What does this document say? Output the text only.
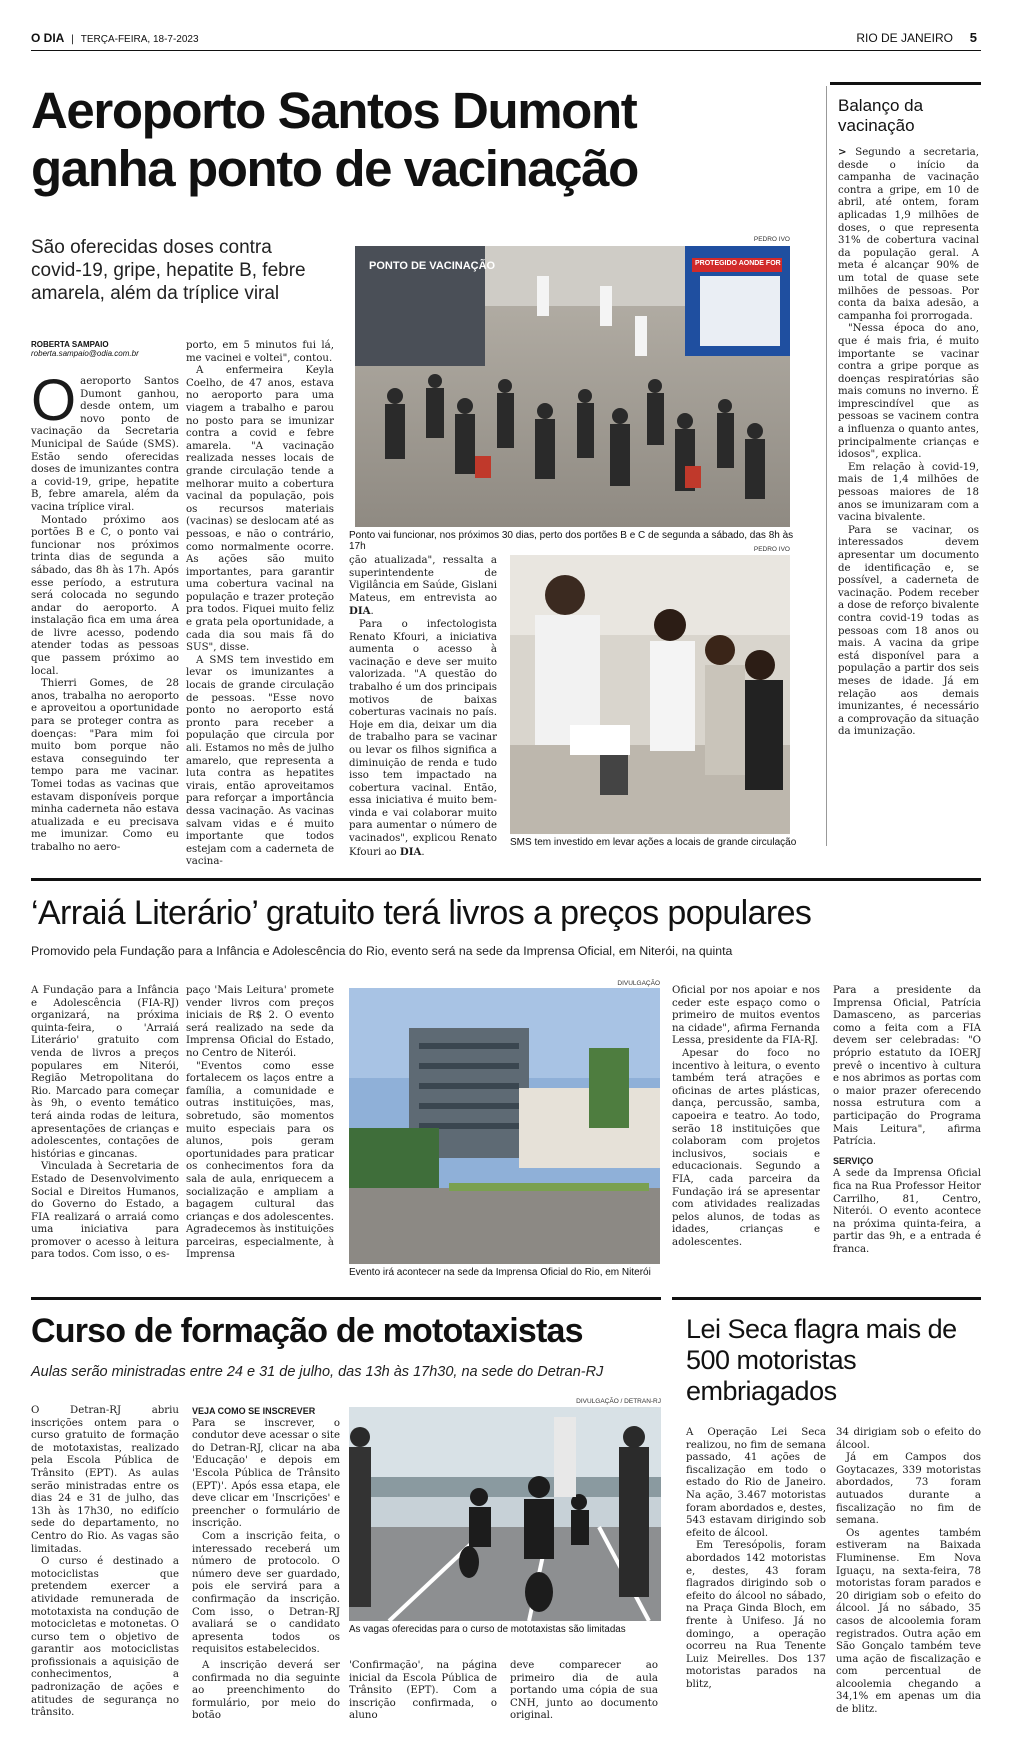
O DIA | TERÇA-FEIRA, 18-7-2023	RIO DE JANEIRO 5
Aeroporto Santos Dumont
ganha ponto de vacinação
São oferecidas doses contra
covid-19, gripe, hepatite B, febre
amarela, além da tríplice viral
ROBERTA SAMPAIO
roberta.sampaio@odia.com.br

Oaeroporto Santos Dumont ganhou, desde ontem, um novo ponto de vacinação da Secretaria Municipal de Saúde (SMS). Estão sendo oferecidas doses de imunizantes contra a covid-19, gripe, hepatite B, febre amarela, além da vacina tríplice viral.

Montado próximo aos portões B e C, o ponto vai funcionar nos próximos trinta dias de segunda a sábado, das 8h às 17h. Após esse período, a estrutura será colocada no segundo andar do aeroporto. A instalação fica em uma área de livre acesso, podendo atender todas as pessoas que passem próximo ao local.

Thierri Gomes, de 28 anos, trabalha no aeroporto e aproveitou a oportunidade para se proteger contra as doenças: "Para mim foi muito bom porque não estava conseguindo ter tempo para me vacinar. Tomei todas as vacinas que estavam disponíveis porque minha caderneta não estava atualizada e eu precisava me imunizar. Como eu trabalho no aero-

porto, em 5 minutos fui lá, me vacinei e voltei", contou.

A enfermeira Keyla Coelho, de 47 anos, estava no aeroporto para uma viagem a trabalho e parou no posto para se imunizar contra a covid e febre amarela. "A vacinação realizada nesses locais de grande circulação tende a melhorar muito a cobertura vacinal da população, pois os recursos materiais (vacinas) se deslocam até as pessoas, e não o contrário, como normalmente ocorre. As ações são muito importantes, para garantir uma cobertura vacinal na população e trazer proteção pra todos. Fiquei muito feliz e grata pela oportunidade, a cada dia sou mais fã do SUS", disse.

A SMS tem investido em levar os imunizantes a locais de grande circulação de pessoas. "Esse novo ponto no aeroporto está pronto para receber a população que circula por ali. Estamos no mês de julho amarelo, que representa a luta contra as hepatites virais, então aproveitamos para reforçar a importância dessa vacinação. As vacinas salvam vidas e é muito importante que todos estejam com a caderneta de vacina-

ção atualizada", ressalta a superintendente de Vigilância em Saúde, Gislani Mateus, em entrevista ao DIA.

Para o infectologista Renato Kfouri, a iniciativa aumenta o acesso à vacinação e deve ser muito valorizada. "A questão do trabalho é um dos principais motivos de baixas coberturas vacinais no país. Hoje em dia, deixar um dia de trabalho para se vacinar ou levar os filhos significa a diminuição de renda e tudo isso tem impactado na cobertura vacinal. Então, essa iniciativa é muito bem-vinda e vai colaborar muito para aumentar o número de vacinados", explicou Renato Kfouri ao DIA.

PEDRO IVO
PONTO DE VACINAÇÃO	PROTEGIDO AONDE FOR
Ponto vai funcionar, nos próximos 30 dias, perto dos portões B e C de segunda a sábado, das 8h às 17h	PEDRO IVO
SMS tem investido em levar ações a locais de grande circulação
Balanço da
vacinação

> Segundo a secretaria, desde o início da campanha de vacinação contra a gripe, em 10 de abril, até ontem, foram aplicadas 1,9 milhões de doses, o que representa 31% de cobertura vacinal da população geral. A meta é alcançar 90% de um total de quase sete milhões de pessoas. Por conta da baixa adesão, a campanha foi prorrogada.

"Nessa época do ano, que é mais fria, é muito importante se vacinar contra a gripe porque as doenças respiratórias são mais comuns no inverno. É imprescindível que as pessoas se vacinem contra a influenza o quanto antes, principalmente crianças e idosos", explica.

Em relação à covid-19, mais de 1,4 milhões de pessoas maiores de 18 anos se imunizaram com a vacina bivalente.

Para se vacinar, os interessados devem apresentar um documento de identificação e, se possível, a caderneta de vacinação. Podem receber a dose de reforço bivalente contra covid-19 todas as pessoas com 18 anos ou mais. A vacina da gripe está disponível para a população a partir dos seis meses de idade. Já em relação aos demais imunizantes, é necessário a comprovação da situação da imunização.

‘Arraiá Literário’ gratuito terá livros a preços populares
Promovido pela Fundação para a Infância e Adolescência do Rio, evento será na sede da Imprensa Oficial, em Niterói, na quinta

A Fundação para a Infância e Adolescência (FIA-RJ) organizará, na próxima quinta-feira, o 'Arraiá Literário' gratuito com venda de livros a preços populares em Niterói, Região Metropolitana do Rio. Marcado para começar às 9h, o evento temático terá ainda rodas de leitura, apresentações de crianças e adolescentes, contações de histórias e gincanas.

Vinculada à Secretaria de Estado de Desenvolvimento Social e Direitos Humanos, do Governo do Estado, a FIA realizará o arraiá como uma iniciativa para promover o acesso à leitura para todos. Com isso, o es-

paço 'Mais Leitura' promete vender livros com preços iniciais de R$ 2. O evento será realizado na sede da Imprensa Oficial do Estado, no Centro de Niterói.

"Eventos como esse fortalecem os laços entre a família, a comunidade e outras instituições, mas, sobretudo, são momentos muito especiais para os alunos, pois geram oportunidades para praticar os conhecimentos fora da sala de aula, enriquecem a socialização e ampliam a bagagem cultural das crianças e dos adolescentes. Agradecemos às instituições parceiras, especialmente, à Imprensa

DIVULGAÇÃO
Evento irá acontecer na sede da Imprensa Oficial do Rio, em Niterói

Oficial por nos apoiar e nos ceder este espaço como o primeiro de muitos eventos na cidade", afirma Fernanda Lessa, presidente da FIA-RJ.

Apesar do foco no incentivo à leitura, o evento também terá atrações e oficinas de artes plásticas, dança, percussão, samba, capoeira e teatro. Ao todo, serão 18 instituições que colaboram com projetos inclusivos, sociais e educacionais. Segundo a FIA, cada parceira da Fundação irá se apresentar com atividades realizadas pelos alunos, de todas as idades, crianças e adolescentes.

Para a presidente da Imprensa Oficial, Patrícia Damasceno, as parcerias como a feita com a FIA devem ser celebradas: "O próprio estatuto da IOERJ prevê o incentivo à cultura e nos abrimos as portas com o maior prazer oferecendo nossa estrutura com a participação do Programa Mais Leitura", afirma Patrícia.

SERVIÇO

A sede da Imprensa Oficial fica na Rua Professor Heitor Carrilho, 81, Centro, Niterói. O evento acontece na próxima quinta-feira, a partir das 9h, e a entrada é franca.

Curso de formação de mototaxistas
Aulas serão ministradas entre 24 e 31 de julho, das 13h às 17h30, na sede do Detran-RJ

O Detran-RJ abriu inscrições ontem para o curso gratuito de formação de mototaxistas, realizado pela Escola Pública de Trânsito (EPT). As aulas serão ministradas entre os dias 24 e 31 de julho, das 13h às 17h30, no edifício sede do departamento, no Centro do Rio. As vagas são limitadas.

O curso é destinado a motociclistas que pretendem exercer a atividade remunerada de mototaxista na condução de motocicletas e motonetas. O curso tem o objetivo de garantir aos motociclistas profissionais a aquisição de conhecimentos, a padronização de ações e atitudes de segurança no trânsito.

VEJA COMO SE INSCREVER

Para se inscrever, o condutor deve acessar o site do Detran-RJ, clicar na aba 'Educação' e depois em 'Escola Pública de Trânsito (EPT)'. Após essa etapa, ele deve clicar em 'Inscrições' e preencher o formulário de inscrição.

Com a inscrição feita, o interessado receberá um número de protocolo. O número deve ser guardado, pois ele servirá para a confirmação da inscrição. Com isso, o Detran-RJ avaliará se o candidato apresenta todos os requisitos estabelecidos.

A inscrição deverá ser confirmada no dia seguinte ao preenchimento do formulário, por meio do botão

DIVULGAÇÃO / DETRAN-RJ
As vagas oferecidas para o curso de mototaxistas são limitadas

'Confirmação', na página inicial da Escola Pública de Trânsito (EPT). Com a inscrição confirmada, o aluno

deve comparecer ao primeiro dia de aula portando uma cópia de sua CNH, junto ao documento original.

Lei Seca flagra mais de
500 motoristas
embriagados

A Operação Lei Seca realizou, no fim de semana passado, 41 ações de fiscalização em todo o estado do Rio de Janeiro. Na ação, 3.467 motoristas foram abordados e, destes, 543 estavam dirigindo sob efeito de álcool.

Em Teresópolis, foram abordados 142 motoristas e, destes, 43 foram flagrados dirigindo sob o efeito do álcool no sábado, na Praça Ginda Bloch, em frente à Unifeso. Já no domingo, a operação ocorreu na Rua Tenente Luiz Meirelles. Dos 137 motoristas parados na blitz,

34 dirigiam sob o efeito do álcool.

Já em Campos dos Goytacazes, 339 motoristas abordados, 73 foram autuados durante a fiscalização no fim de semana.

Os agentes também estiveram na Baixada Fluminense. Em Nova Iguaçu, na sexta-feira, 78 motoristas foram parados e 20 dirigiam sob o efeito do álcool. Já no sábado, 35 casos de alcoolemia foram registrados. Outra ação em São Gonçalo também teve uma ação de fiscalização e com percentual de alcoolemia chegando a 34,1% em apenas um dia de blitz.
